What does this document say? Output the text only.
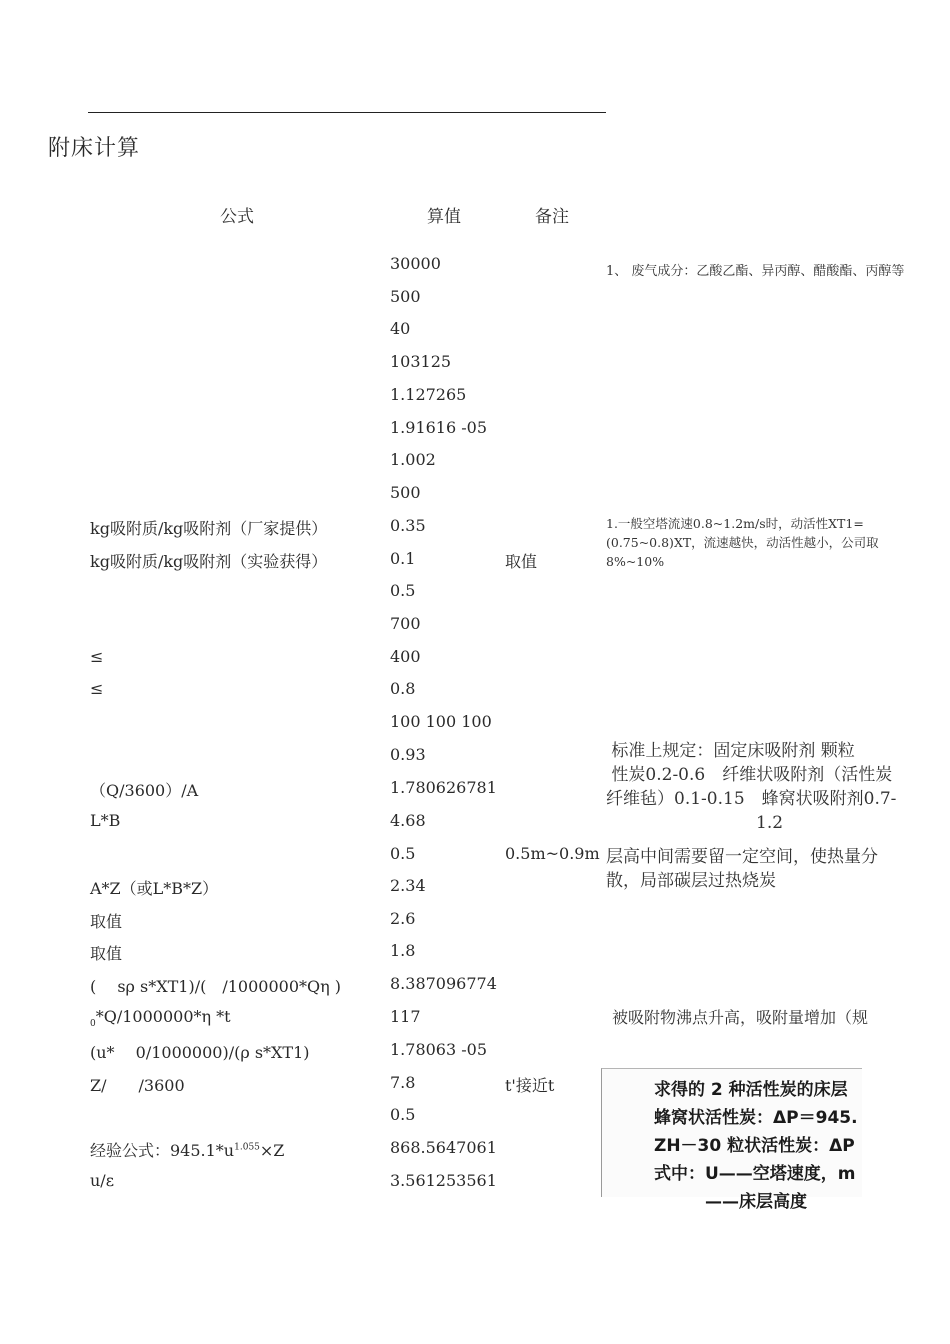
附床计算
公式	算值	备注
30000
500
40
103125
1.127265
1.91616 -05
1.002
500
0.35
0.1
0.5
700
400
0.8
100 100 100
0.93
1.780626781
4.68
0.5
2.34
2.6
1.8
8.387096774
117
1.78063 -05
7.8
0.5
868.5647061
3.561253561
kg吸附质/kg吸附剂（厂家提供）
kg吸附质/kg吸附剂（实验获得）
≤
≤
（Q/3600）/A
L*B
A*Z（或L*B*Z）
取值
取值
(　 sρ s*XT1)/(　/1000000*Qη )
$_0$*Q/1000000*η *t
(u*　 0/1000000)/(ρ s*XT1)
Z/　　/3600
经验公式：$945.1*u^{1.055}\times Z$
u/ε
取值
0.5m~0.9m
t'接近t
1、 废气成分：乙酸乙酯、异丙醇、醋酸酯、丙醇等
1.一般空塔流速0.8~1.2m/s时，动活性XT1=(0.75~0.8)XT，流速越快，动活性越小，公司取8%~10%
标准上规定：固定床吸附剂 颗粒
性炭0.2-0.6　纤维状吸附剂（活性炭
纤维毡）0.1-0.15　蜂窝状吸附剂0.7-
1.2
层高中间需要留一定空间，使热量分散，局部碳层过热烧炭
被吸附物沸点升高，吸附量增加（规
求得的 2 种活性炭的床层
蜂窝状活性炭：ΔP＝945.
ZH－30 粒状活性炭：ΔP
式中：U——空塔速度，m
　　　——床层高度
